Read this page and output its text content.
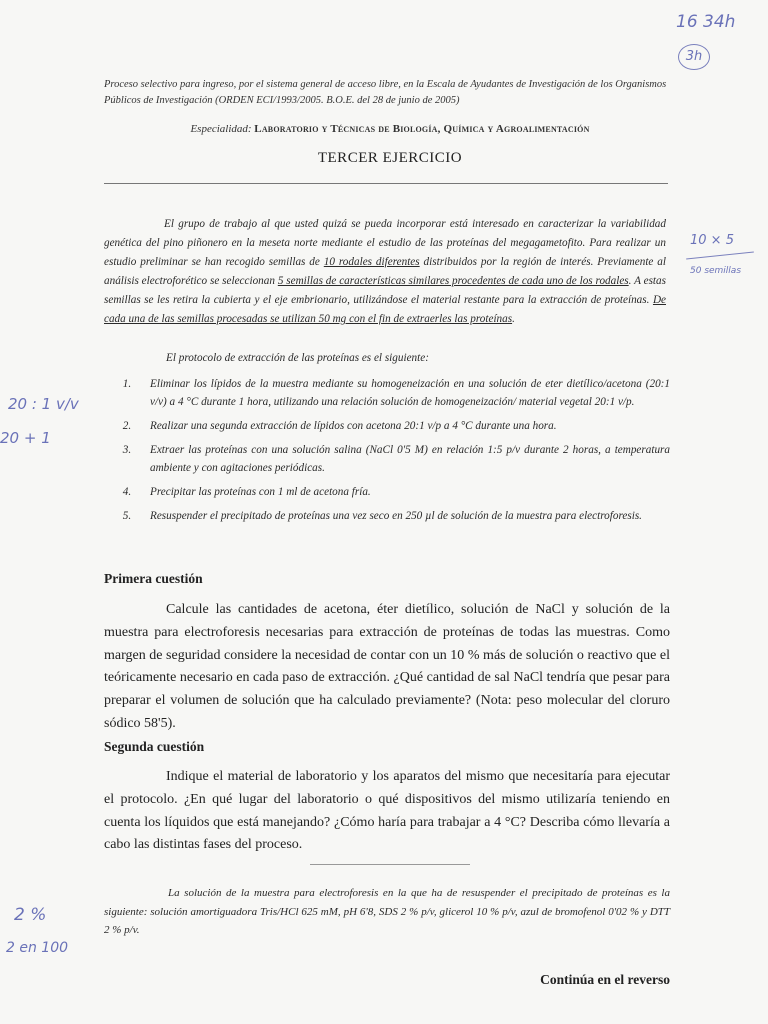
16 34h
3h
10 × 5
50 semillas
20 : 1 v/v
20 + 1
2 %
2 en 100
Proceso selectivo para ingreso, por el sistema general de acceso libre, en la Escala de Ayudantes de Investigación de los Organismos Públicos de Investigación (ORDEN ECI/1993/2005. B.O.E. del 28 de junio de 2005)
Especialidad: Laboratorio y Técnicas de Biología, Química y Agroalimentación
TERCER EJERCICIO
El grupo de trabajo al que usted quizá se pueda incorporar está interesado en caracterizar la variabilidad genética del pino piñonero en la meseta norte mediante el estudio de las proteínas del megagametofito. Para realizar un estudio preliminar se han recogido semillas de 10 rodales diferentes distribuidos por la región de interés. Previamente al análisis electroforético se seleccionan 5 semillas de características similares procedentes de cada uno de los rodales. A estas semillas se les retira la cubierta y el eje embrionario, utilizándose el material restante para la extracción de proteínas. De cada una de las semillas procesadas se utilizan 50 mg con el fin de extraerles las proteínas.
El protocolo de extracción de las proteínas es el siguiente:
1.	Eliminar los lípidos de la muestra mediante su homogeneización en una solución de eter dietílico/acetona (20:1 v/v) a 4 °C durante 1 hora, utilizando una relación solución de homogeneización/ material vegetal 20:1 v/p.
2.	Realizar una segunda extracción de lípidos con acetona 20:1 v/p a 4 °C durante una hora.
3.	Extraer las proteínas con una solución salina (NaCl 0'5 M) en relación 1:5 p/v durante 2 horas, a temperatura ambiente y con agitaciones periódicas.
4.	Precipitar las proteínas con 1 ml de acetona fría.
5.	Resuspender el precipitado de proteínas una vez seco en 250 µl de solución de la muestra para electroforesis.
Primera cuestión
Calcule las cantidades de acetona, éter dietílico, solución de NaCl y solución de la muestra para electroforesis necesarias para extracción de proteínas de todas las muestras. Como margen de seguridad considere la necesidad de contar con un 10 % más de solución o reactivo que el teóricamente necesario en cada paso de extracción. ¿Qué cantidad de sal NaCl tendría que pesar para preparar el volumen de solución que ha calculado previamente? (Nota: peso molecular del cloruro sódico 58'5).
Segunda cuestión
Indique el material de laboratorio y los aparatos del mismo que necesitaría para ejecutar el protocolo. ¿En qué lugar del laboratorio o qué dispositivos del mismo utilizaría teniendo en cuenta los líquidos que está manejando? ¿Cómo haría para trabajar a 4 °C? Describa cómo llevaría a cabo las distintas fases del proceso.
La solución de la muestra para electroforesis en la que ha de resuspender el precipitado de proteínas es la siguiente: solución amortiguadora Tris/HCl 625 mM, pH 6'8, SDS 2 % p/v, glicerol 10 % p/v, azul de bromofenol 0'02 % y DTT 2 % p/v.
Continúa en el reverso
